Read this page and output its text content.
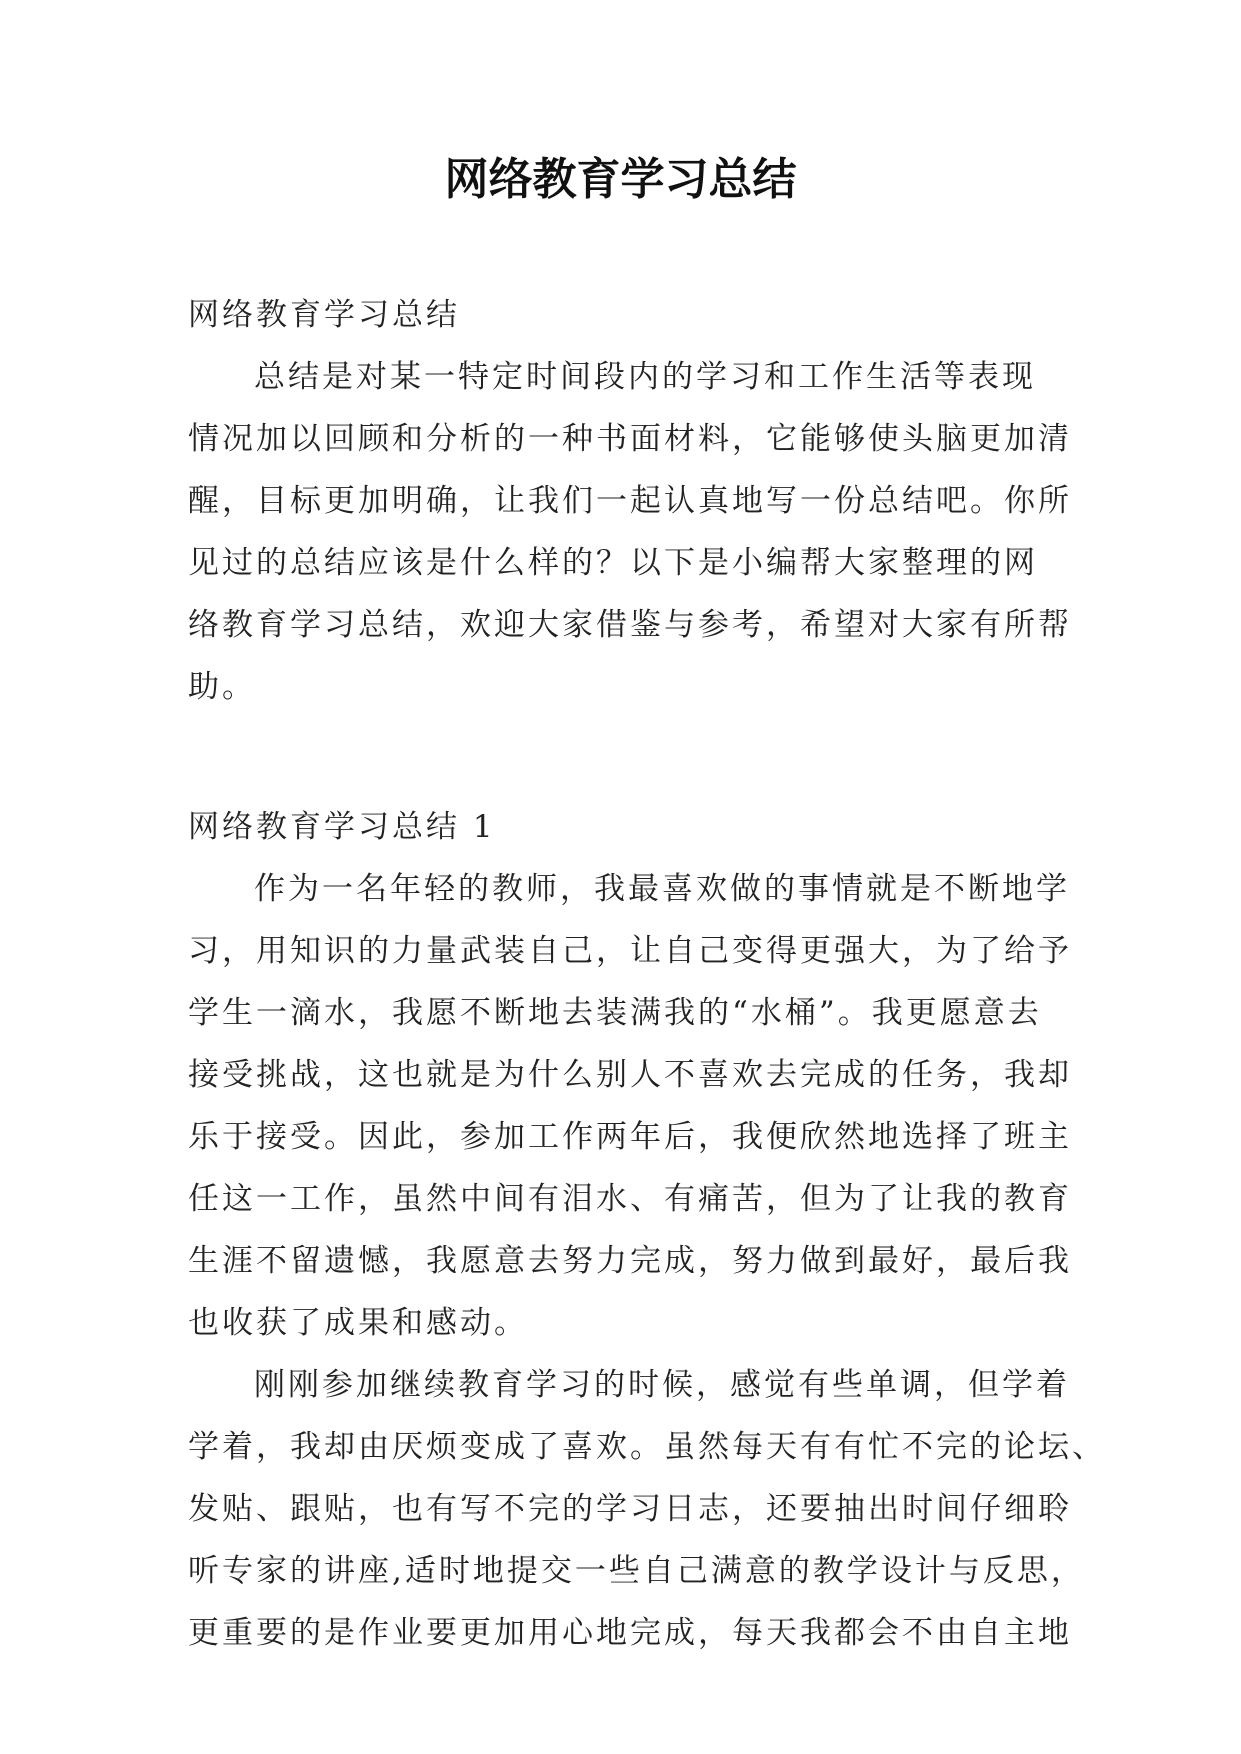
网络教育学习总结
网络教育学习总结
总结是对某一特定时间段内的学习和工作生活等表现
情况加以回顾和分析的一种书面材料，它能够使头脑更加清
醒，目标更加明确，让我们一起认真地写一份总结吧。你所
见过的总结应该是什么样的？以下是小编帮大家整理的网
络教育学习总结，欢迎大家借鉴与参考，希望对大家有所帮
助。
网络教育学习总结 1
作为一名年轻的教师，我最喜欢做的事情就是不断地学
习，用知识的力量武装自己，让自己变得更强大，为了给予
学生一滴水，我愿不断地去装满我的“水桶”。我更愿意去
接受挑战，这也就是为什么别人不喜欢去完成的任务，我却
乐于接受。因此，参加工作两年后，我便欣然地选择了班主
任这一工作，虽然中间有泪水、有痛苦，但为了让我的教育
生涯不留遗憾，我愿意去努力完成，努力做到最好，最后我
也收获了成果和感动。
刚刚参加继续教育学习的时候，感觉有些单调，但学着
学着，我却由厌烦变成了喜欢。虽然每天有有忙不完的论坛、
发贴、跟贴，也有写不完的学习日志，还要抽出时间仔细聆
听专家的讲座,适时地提交一些自己满意的教学设计与反思，
更重要的是作业要更加用心地完成，每天我都会不由自主地
